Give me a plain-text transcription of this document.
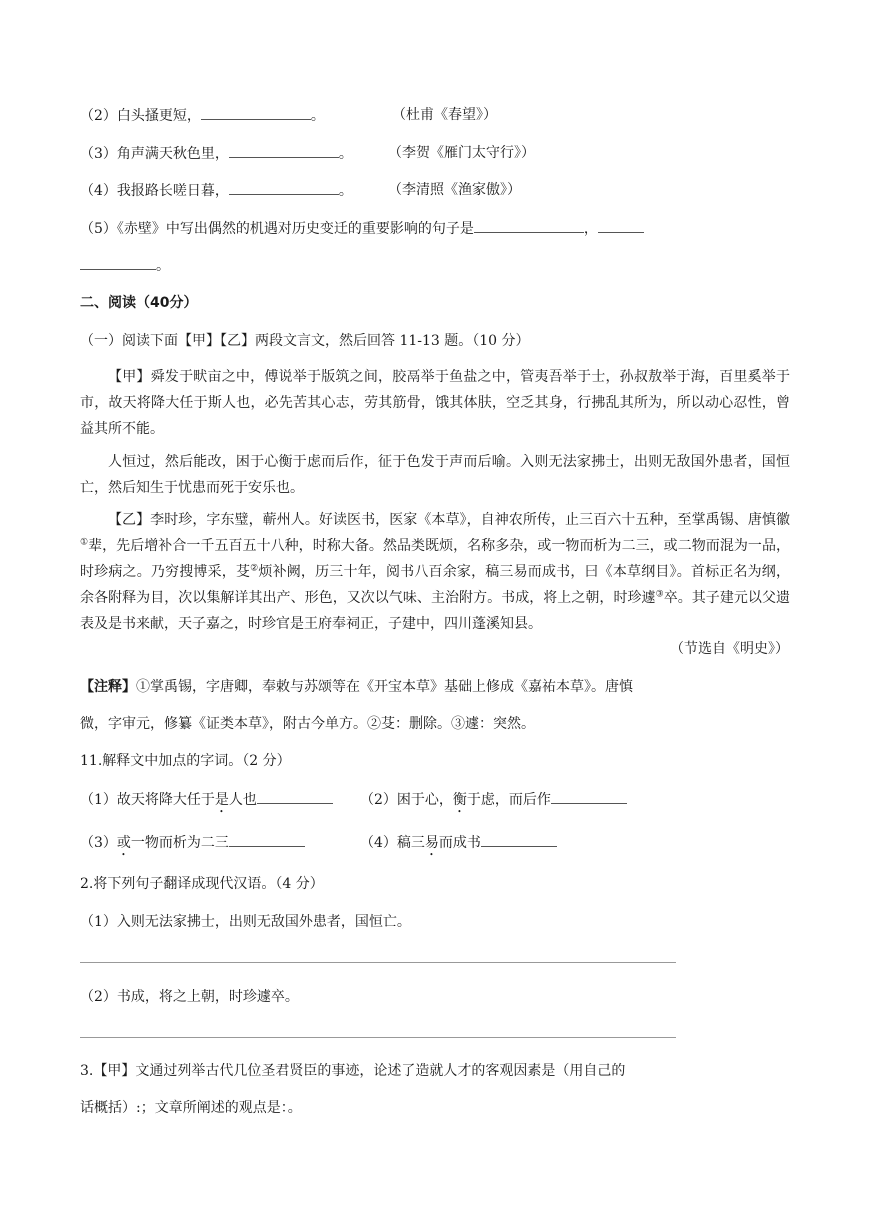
（2）白头搔更短，	。	（杜甫《春望》）
（3）角声满天秋色里，	。	（李贺《雁门太守行》）
（4）我报路长嗟日暮，	。	（李清照《渔家傲》）
（5）《赤壁》中写出偶然的机遇对历史变迁的重要影响的句子是	，
。
二、阅读（40分）
（一）阅读下面【甲】【乙】两段文言文，然后回答 11-13 题。（10 分）

【甲】舜发于畎亩之中，傅说举于版筑之间，胶鬲举于鱼盐之中，管夷吾举于士，孙叔敖举于海，百里奚举于市，故天将降大任于斯人也，必先苦其心志，劳其筋骨，饿其体肤，空乏其身，行拂乱其所为，所以动心忍性，曾益其所不能。

人恒过，然后能改，困于心衡于虑而后作，征于色发于声而后喻。入则无法家拂士，出则无敌国外患者，国恒亡，然后知生于忧患而死于安乐也。

【乙】李时珍，字东璧，蕲州人。好读医书，医家《本草》，自神农所传，止三百六十五种，至掌禹锡、唐慎徽①辈，先后增补合一千五百五十八种，时称大备。然品类既烦，名称多杂，或一物而析为二三，或二物而混为一品，时珍病之。乃穷搜博采，芟②烦补阙，历三十年，阅书八百余家，稿三易而成书，曰《本草纲目》。首标正名为纲，余各附释为目，次以集解详其出产、形色，又次以气味、主治附方。书成，将上之朝，时珍遽③卒。其子建元以父遗表及是书来献，天子嘉之，时珍官是王府奉祠正，子建中，四川蓬溪知县。

（节选自《明史》）
【注释】①掌禹锡，字唐卿，奉敕与苏颂等在《开宝本草》基础上修成《嘉祐本草》。唐慎
微，字审元，修纂《证类本草》，附古今单方。②芟：删除。③遽：突然。
11.解释文中加点的字词。（2 分）
（1）故天将降大任于是人也	（2）困于心，衡于虑，而后作
（3）或一物而析为二三	（4）稿三易而成书
2.将下列句子翻译成现代汉语。（4 分）
（1）入则无法家拂士，出则无敌国外患者，国恒亡。
（2）书成，将之上朝，时珍遽卒。
3.【甲】文通过列举古代几位圣君贤臣的事迹，论述了造就人才的客观因素是（用自己的
话概括）:；文章所阐述的观点是：。
